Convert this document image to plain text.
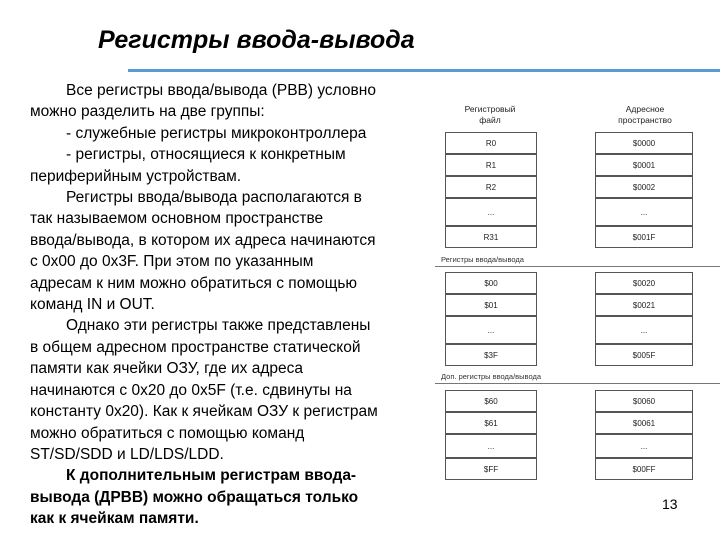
Регистры ввода-вывода
Все регистры ввода/вывода (РВВ) условно
можно разделить на две группы:
- служебные регистры микроконтроллера
- регистры, относящиеся к конкретным
периферийным устройствам.
Регистры ввода/вывода располагаются в
так называемом основном пространстве
ввода/вывода, в котором их адреса начинаются
с 0x00 до 0x3F. При этом по указанным
адресам к ним можно обратиться с помощью
команд IN и OUT.
Однако эти регистры также представлены
в общем адресном пространстве статической
памяти как ячейки ОЗУ, где их адреса
начинаются с 0x20 до 0x5F (т.е. сдвинуты на
константу 0x20). Как к ячейкам ОЗУ к регистрам
можно обратиться с помощью команд
ST/SD/SDD и LD/LDS/LDD.
К дополнительным регистрам ввода-
вывода (ДРВВ) можно обращаться только
как к ячейкам памяти.
Регистровый
файл
Адресное
пространство
R0	$0000
R1	$0001
R2	$0002
...	...
R31	$001F
Регистры ввода/вывода
$00	$0020
$01	$0021
...	...
$3F	$005F
Доп. регистры ввода/вывода
$60	$0060
$61	$0061
...	...
$FF	$00FF
13
